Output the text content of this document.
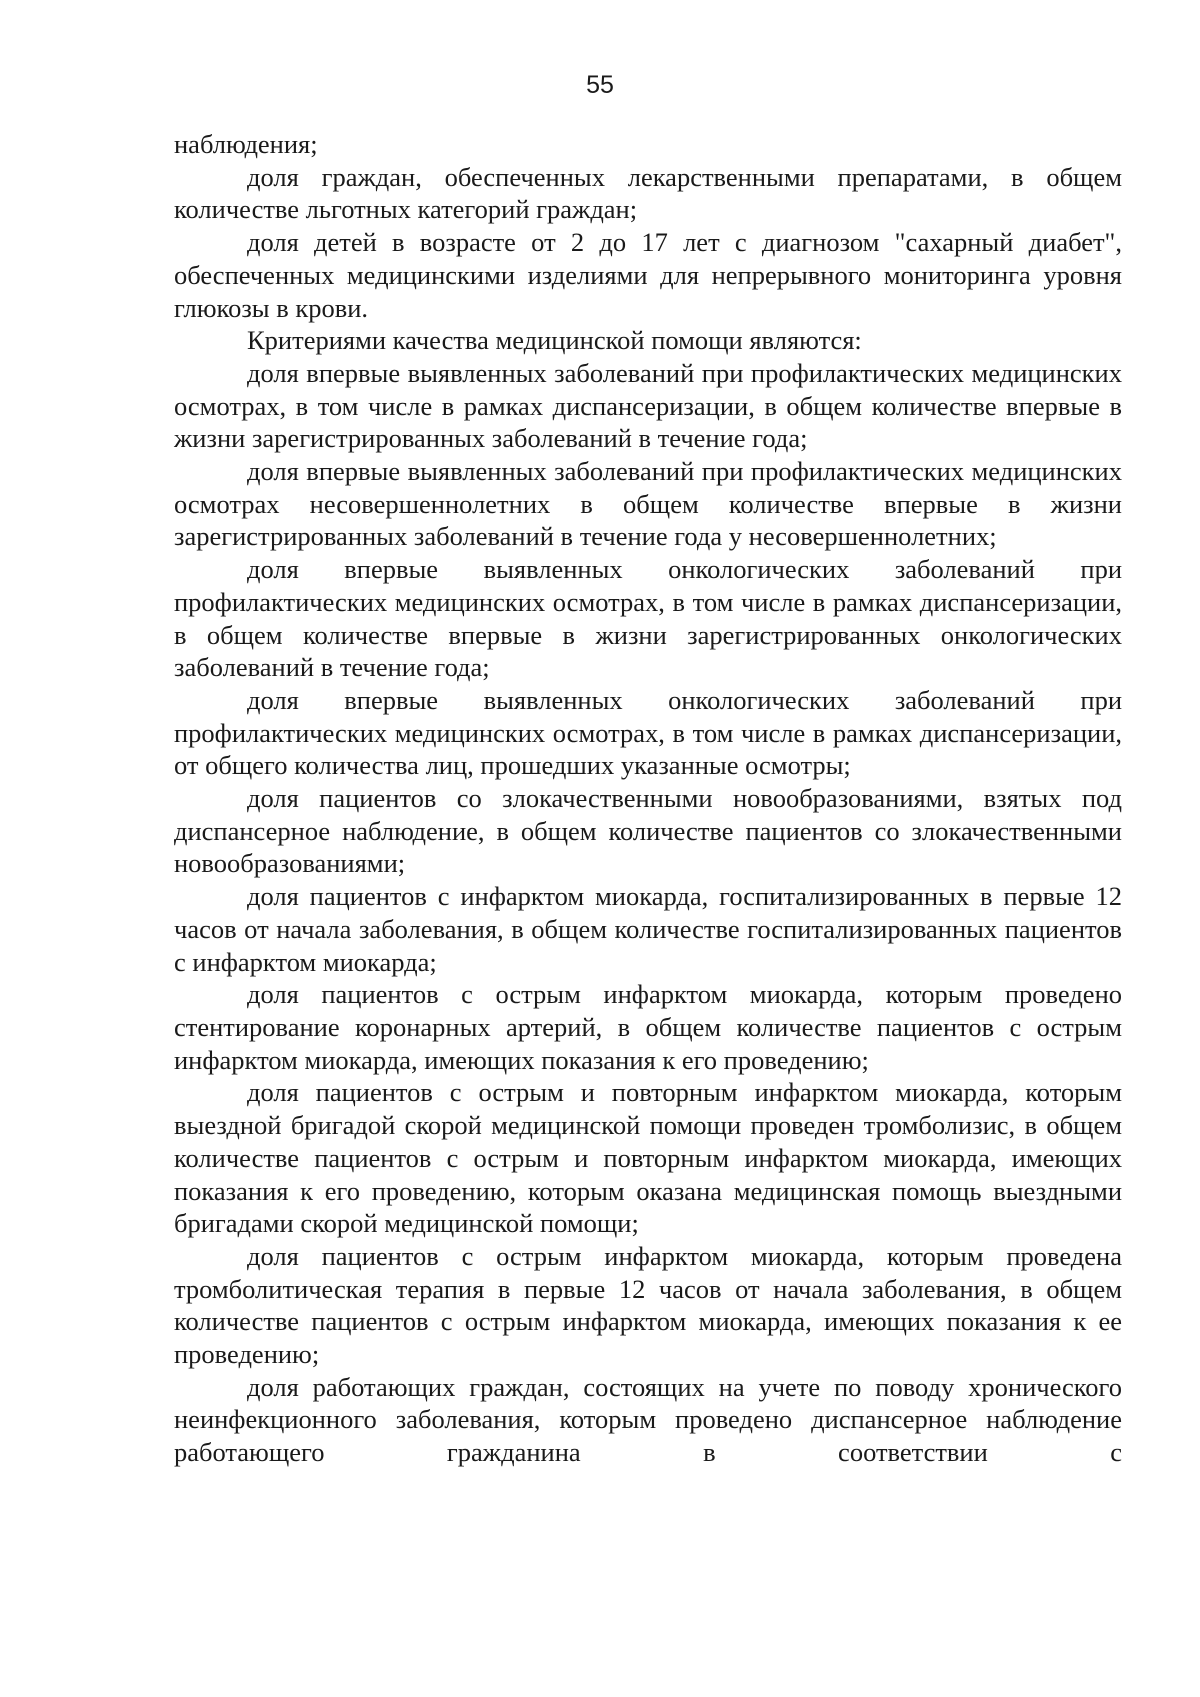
55

наблюдения;

доля граждан, обеспеченных лекарственными препаратами, в общем количестве льготных категорий граждан;

доля детей в возрасте от 2 до 17 лет с диагнозом "сахарный диабет", обеспеченных медицинскими изделиями для непрерывного мониторинга уровня глюкозы в крови.

Критериями качества медицинской помощи являются:

доля впервые выявленных заболеваний при профилактических медицинских осмотрах, в том числе в рамках диспансеризации, в общем количестве впервые в жизни зарегистрированных заболеваний в течение года;

доля впервые выявленных заболеваний при профилактических медицинских осмотрах несовершеннолетних в общем количестве впервые в жизни зарегистрированных заболеваний в течение года у несовершеннолетних;

доля впервые выявленных онкологических заболеваний при профилактических медицинских осмотрах, в том числе в рамках диспансеризации, в общем количестве впервые в жизни зарегистрированных онкологических заболеваний в течение года;

доля впервые выявленных онкологических заболеваний при профилактических медицинских осмотрах, в том числе в рамках диспансеризации, от общего количества лиц, прошедших указанные осмотры;

доля пациентов со злокачественными новообразованиями, взятых под диспансерное наблюдение, в общем количестве пациентов со злокачественными новообразованиями;

доля пациентов с инфарктом миокарда, госпитализированных в первые 12 часов от начала заболевания, в общем количестве госпитализированных пациентов с инфарктом миокарда;

доля пациентов с острым инфарктом миокарда, которым проведено стентирование коронарных артерий, в общем количестве пациентов с острым инфарктом миокарда, имеющих показания к его проведению;

доля пациентов с острым и повторным инфарктом миокарда, которым выездной бригадой скорой медицинской помощи проведен тромболизис, в общем количестве пациентов с острым и повторным инфарктом миокарда, имеющих показания к его проведению, которым оказана медицинская помощь выездными бригадами скорой медицинской помощи;

доля пациентов с острым инфарктом миокарда, которым проведена тромболитическая терапия в первые 12 часов от начала заболевания, в общем количестве пациентов с острым инфарктом миокарда, имеющих показания к ее проведению;

доля работающих граждан, состоящих на учете по поводу хронического неинфекционного заболевания, которым проведено диспансерное наблюдение работающего гражданина в соответствии с
